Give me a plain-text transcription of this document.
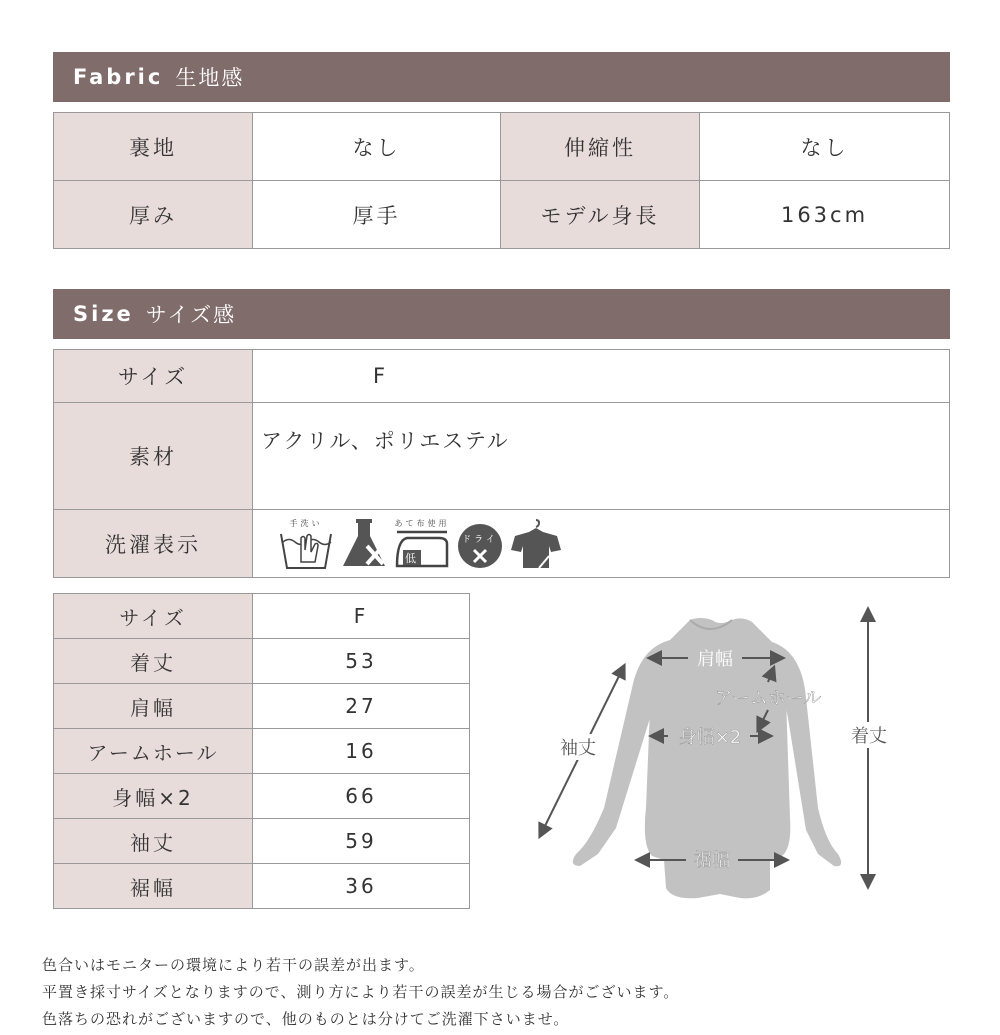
Fabric 生地感
裏地	なし	伸縮性	なし
厚み	厚手	モデル身長	163cm
Size サイズ感
サイズ	F
素材	アクリル、ポリエステル
洗濯表示	手洗い あて布使用
低
ドライ
サイズ	F
着丈	53
肩幅	27
アームホール	16
身幅×2	66
袖丈	59
裾幅	36
肩幅
アームホール
身幅×2
袖丈
着丈
裾幅
色合いはモニターの環境により若干の誤差が出ます。
平置き採寸サイズとなりますので、測り方により若干の誤差が生じる場合がございます。
色落ちの恐れがございますので、他のものとは分けてご洗濯下さいませ。
